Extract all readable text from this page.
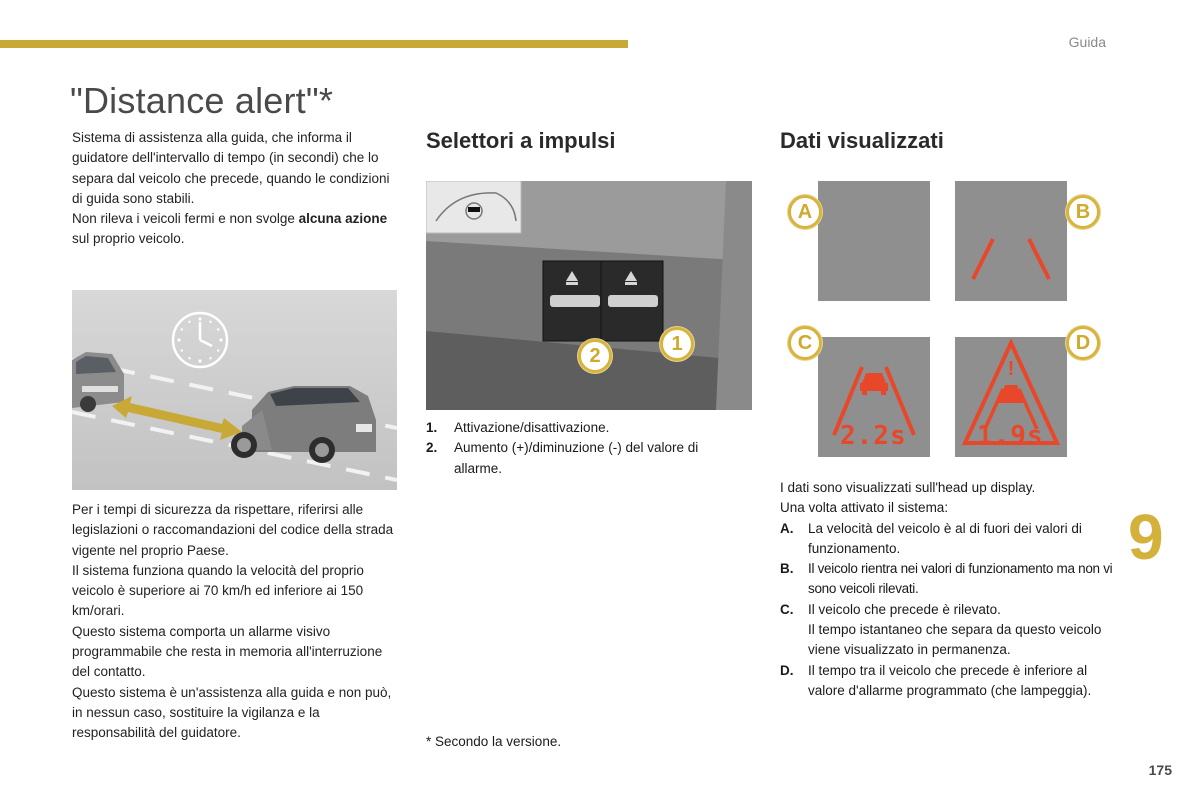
Guida
"Distance alert"*

Sistema di assistenza alla guida, che informa il guidatore dell'intervallo di tempo (in secondi) che lo separa dal veicolo che precede, quando le condizioni di guida sono stabili.

Non rileva i veicoli fermi e non svolge alcuna azione sul proprio veicolo.

Per i tempi di sicurezza da rispettare, riferirsi alle legislazioni o raccomandazioni del codice della strada vigente nel proprio Paese.

Il sistema funziona quando la velocità del proprio veicolo è superiore ai 70 km/h ed inferiore ai 150 km/orari.

Questo sistema comporta un allarme visivo programmabile che resta in memoria all'interruzione del contatto.

Questo sistema è un'assistenza alla guida e non può, in nessun caso, sostituire la vigilanza e la responsabilità del guidatore.

Selettori a impulsi
2
1
1.	Attivazione/disattivazione.
2.	Aumento (+)/diminuzione (-) del valore di allarme.
* Secondo la versione.
Dati visualizzati
2.2s
!
1.9s
A	B
C	D
I dati sono visualizzati sull'head up display.
Una volta attivato il sistema:
A.	La velocità del veicolo è al di fuori dei valori di funzionamento.
B.	Il veicolo rientra nei valori di funzionamento ma non vi sono veicoli rilevati.
C.	Il veicolo che precede è rilevato.
Il tempo istantaneo che separa da questo veicolo viene visualizzato in permanenza.
D.	Il tempo tra il veicolo che precede è inferiore al valore d'allarme programmato (che lampeggia).
9
175
